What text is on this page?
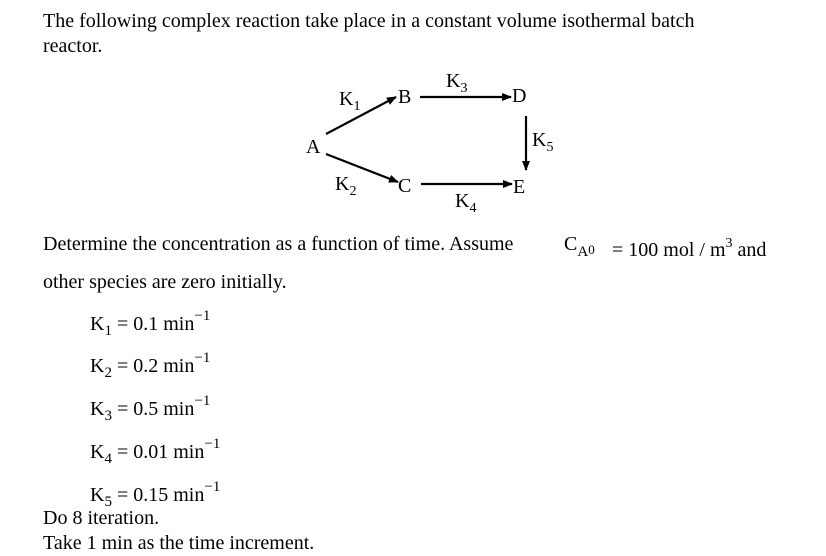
The following complex reaction take place in a constant volume isothermal batch
reactor.
A
B
C
D
E
$K_1$
$K_2$
$K_3$
$K_4$
$K_5$
Determine the concentration as a function of time. Assume	$C_{A0} = 100$ mol / $m^3$ and
other species are zero initially.
$K_1 = 0.1$ $\min^{-1}$
$K_2 = 0.2$ $\min^{-1}$
$K_3 = 0.5$ $\min^{-1}$
$K_4 = 0.01$ $\min^{-1}$
$K_5 = 0.15$ $\min^{-1}$
Do 8 iteration.
Take 1 min as the time increment.
